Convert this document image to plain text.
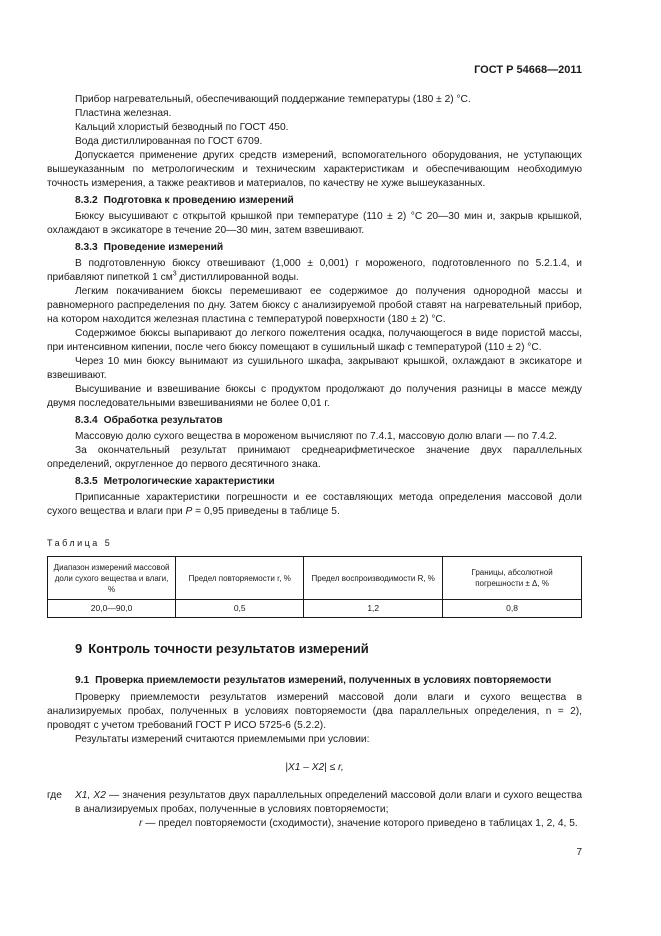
ГОСТ Р 54668—2011

Прибор нагревательный, обеспечивающий поддержание температуры (180 ± 2) °С.

Пластина железная.

Кальций хлористый безводный по ГОСТ 450.

Вода дистиллированная по ГОСТ 6709.

Допускается применение других средств измерений, вспомогательного оборудования, не уступающих вышеуказанным по метрологическим и техническим характеристикам и обеспечивающим необходимую точность измерения, а также реактивов и материалов, по качеству не хуже вышеуказанных.

8.3.2 Подготовка к проведению измерений

Бюксу высушивают с открытой крышкой при температуре (110 ± 2) °С 20—30 мин и, закрыв крышкой, охлаждают в эксикаторе в течение 20—30 мин, затем взвешивают.

8.3.3 Проведение измерений

В подготовленную бюксу отвешивают (1,000 ± 0,001) г мороженого, подготовленного по 5.2.1.4, и прибавляют пипеткой 1 $см^3$ дистиллированной воды.

Легким покачиванием бюксы перемешивают ее содержимое до получения однородной массы и равномерного распределения по дну. Затем бюксу с анализируемой пробой ставят на нагревательный прибор, на котором находится железная пластина с температурой поверхности (180 ± 2) °С.

Содержимое бюксы выпаривают до легкого пожелтения осадка, получающегося в виде пористой массы, при интенсивном кипении, после чего бюксу помещают в сушильный шкаф с температурой (110 ± 2) °С.

Через 10 мин бюксу вынимают из сушильного шкафа, закрывают крышкой, охлаждают в эксикаторе и взвешивают.

Высушивание и взвешивание бюксы с продуктом продолжают до получения разницы в массе между двумя последовательными взвешиваниями не более 0,01 г.

8.3.4 Обработка результатов

Массовую долю сухого вещества в мороженом вычисляют по 7.4.1, массовую долю влаги — по 7.4.2.

За окончательный результат принимают среднеарифметическое значение двух параллельных определений, округленное до первого десятичного знака.

8.3.5 Метрологические характеристики

Приписанные характеристики погрешности и ее составляющих метода определения массовой доли сухого вещества и влаги при Р = 0,95 приведены в таблице 5.

Таблица 5

Диапазон измерений массовой доли сухого вещества и влаги, %	Предел повторяемости r, %	Предел воспроизводимости R, %	Границы, абсолютной погрешности ± Δ, %
20,0—90,0	0,5	1,2	0,8

9 Контроль точности результатов измерений

9.1 Проверка приемлемости результатов измерений, полученных в условиях повторяемости

Проверку приемлемости результатов измерений массовой доли влаги и сухого вещества в анализируемых пробах, полученных в условиях повторяемости (два параллельных определения, n = 2), проводят с учетом требований ГОСТ Р ИСО 5725-6 (5.2.2).

Результаты измерений считаются приемлемыми при условии:

|X1 – X2| ≤ r,

где	X1, X2 — значения результатов двух параллельных определений массовой доли влаги и сухого вещества в анализируемых пробах, полученные в условиях повторяемости;

r — предел повторяемости (сходимости), значение которого приведено в таблицах 1, 2, 4, 5.

7
